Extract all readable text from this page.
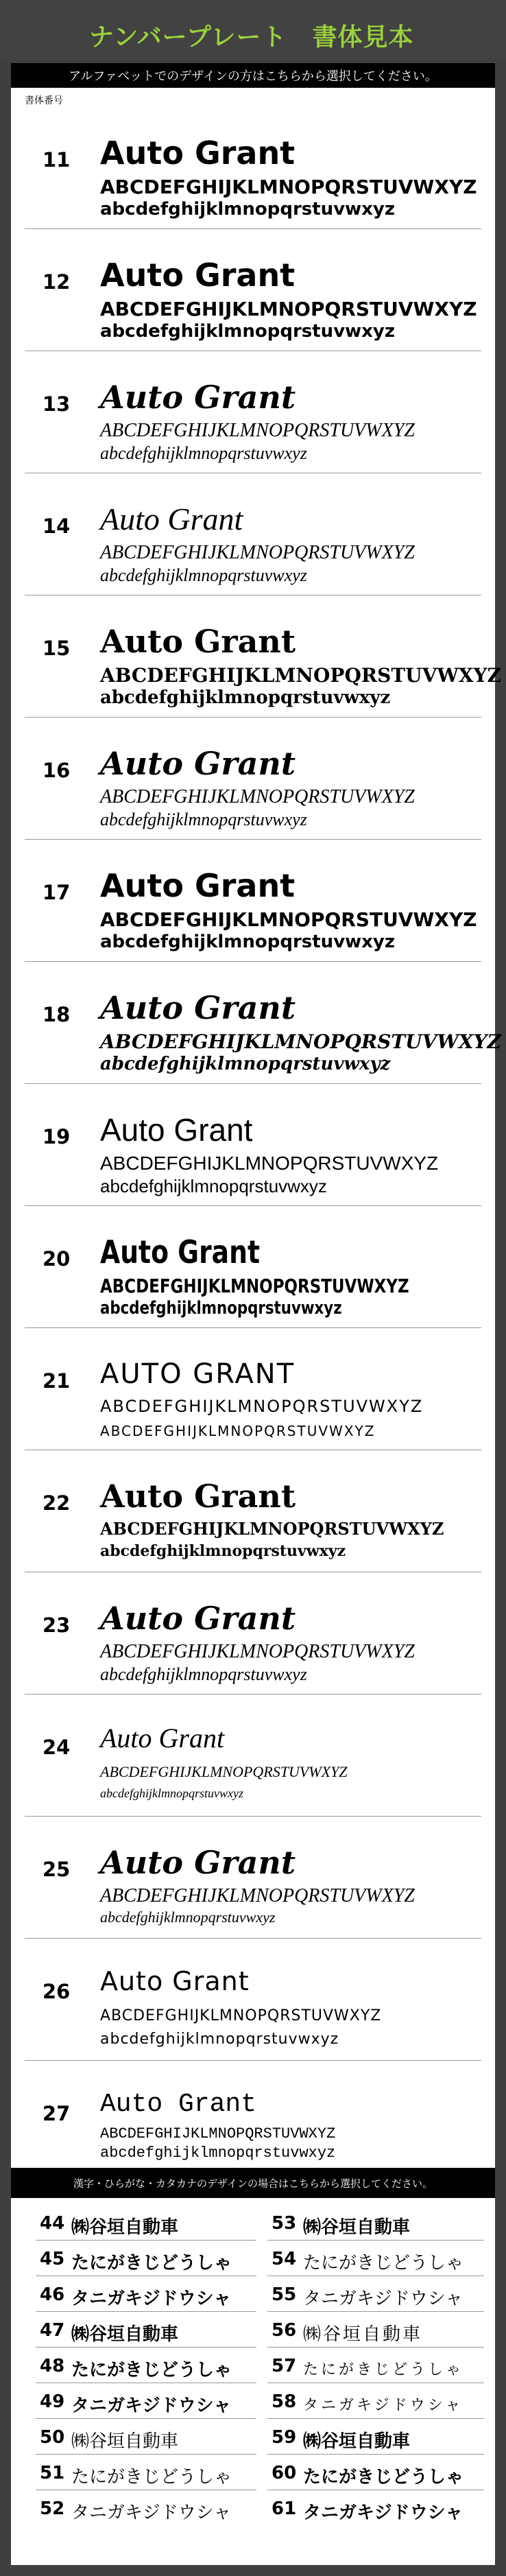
ナンバープレート　書体見本
アルファベットでのデザインの方はこちらから選択してください。
書体番号
11 Auto Grant
ABCDEFGHIJKLMNOPQRSTUVWXYZ
abcdefghijklmnopqrstuvwxyz
12 Auto Grant
ABCDEFGHIJKLMNOPQRSTUVWXYZ
abcdefghijklmnopqrstuvwxyz
13 Auto Grant
ABCDEFGHIJKLMNOPQRSTUVWXYZ
abcdefghijklmnopqrstuvwxyz
14 Auto Grant
ABCDEFGHIJKLMNOPQRSTUVWXYZ
abcdefghijklmnopqrstuvwxyz
15 Auto Grant
ABCDEFGHIJKLMNOPQRSTUVWXYZ
abcdefghijklmnopqrstuvwxyz
16 Auto Grant
ABCDEFGHIJKLMNOPQRSTUVWXYZ
abcdefghijklmnopqrstuvwxyz
17 Auto Grant
ABCDEFGHIJKLMNOPQRSTUVWXYZ
abcdefghijklmnopqrstuvwxyz
18 Auto Grant
ABCDEFGHIJKLMNOPQRSTUVWXYZ
abcdefghijklmnopqrstuvwxyz
19 Auto Grant
ABCDEFGHIJKLMNOPQRSTUVWXYZ
abcdefghijklmnopqrstuvwxyz
20 Auto Grant
ABCDEFGHIJKLMNOPQRSTUVWXYZ
abcdefghijklmnopqrstuvwxyz
21 AUTO GRANT
ABCDEFGHIJKLMNOPQRSTUVWXYZ
ABCDEFGHIJKLMNOPQRSTUVWXYZ
22 Auto Grant
ABCDEFGHIJKLMNOPQRSTUVWXYZ
abcdefghijklmnopqrstuvwxyz
23 Auto Grant
ABCDEFGHIJKLMNOPQRSTUVWXYZ
abcdefghijklmnopqrstuvwxyz
24 Auto Grant
ABCDEFGHIJKLMNOPQRSTUVWXYZ
abcdefghijklmnopqrstuvwxyz
25 Auto Grant
ABCDEFGHIJKLMNOPQRSTUVWXYZ
abcdefghijklmnopqrstuvwxyz
26 Auto Grant
ABCDEFGHIJKLMNOPQRSTUVWXYZ
abcdefghijklmnopqrstuvwxyz
27 Auto Grant
ABCDEFGHIJKLMNOPQRSTUVWXYZ
abcdefghijklmnopqrstuvwxyz
漢字・ひらがな・カタカナのデザインの場合はこちらから選択してください。
44 ㈱谷垣自動車
45 たにがきじどうしゃ
46 タニガキジドウシャ
47 ㈱谷垣自動車
48 たにがきじどうしゃ
49 タニガキジドウシャ
50 ㈱谷垣自動車
51 たにがきじどうしゃ
52 タニガキジドウシャ
53 ㈱谷垣自動車
54 たにがきじどうしゃ
55 タニガキジドウシャ
56 ㈱谷垣自動車
57 たにがきじどうしゃ
58 タニガキジドウシャ
59 ㈱谷垣自動車
60 たにがきじどうしゃ
61 タニガキジドウシャ
